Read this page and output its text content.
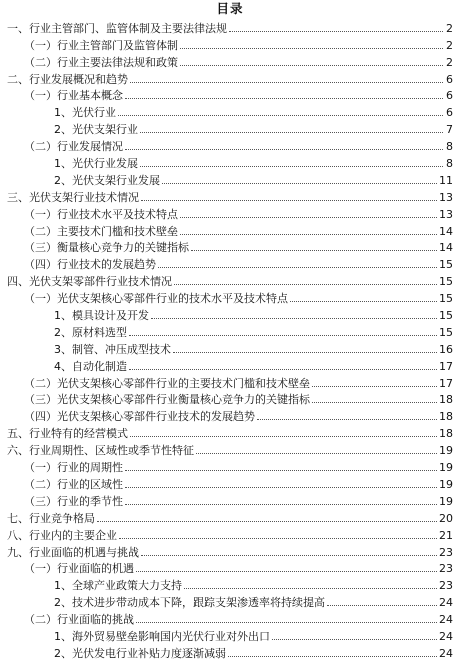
目录
一、行业主管部门、监管体制及主要法律法规	2
（一）行业主管部门及监管体制	2
（二）行业主要法律法规和政策	2
二、行业发展概况和趋势	6
（一）行业基本概念	6
1、光伏行业	6
2、光伏支架行业	7
（二）行业发展情况	8
1、光伏行业发展	8
2、光伏支架行业发展	11
三、光伏支架行业技术情况	13
（一）行业技术水平及技术特点	13
（二）主要技术门槛和技术壁垒	14
（三）衡量核心竞争力的关键指标	14
（四）行业技术的发展趋势	15
四、光伏支架零部件行业技术情况	15
（一）光伏支架核心零部件行业的技术水平及技术特点	15
1、模具设计及开发	15
2、原材料选型	15
3、制管、冲压成型技术	16
4、自动化制造	17
（二）光伏支架核心零部件行业的主要技术门槛和技术壁垒	17
（三）光伏支架核心零部件行业衡量核心竞争力的关键指标	18
（四）光伏支架核心零部件行业技术的发展趋势	18
五、行业特有的经营模式	18
六、行业周期性、区域性或季节性特征	19
（一）行业的周期性	19
（二）行业的区域性	19
（三）行业的季节性	19
七、行业竞争格局	20
八、行业内的主要企业	21
九、行业面临的机遇与挑战	23
（一）行业面临的机遇	23
1、全球产业政策大力支持	23
2、技术进步带动成本下降，跟踪支架渗透率将持续提高	24
（二）行业面临的挑战	24
1、海外贸易壁垒影响国内光伏行业对外出口	24
2、光伏发电行业补贴力度逐渐减弱	24
